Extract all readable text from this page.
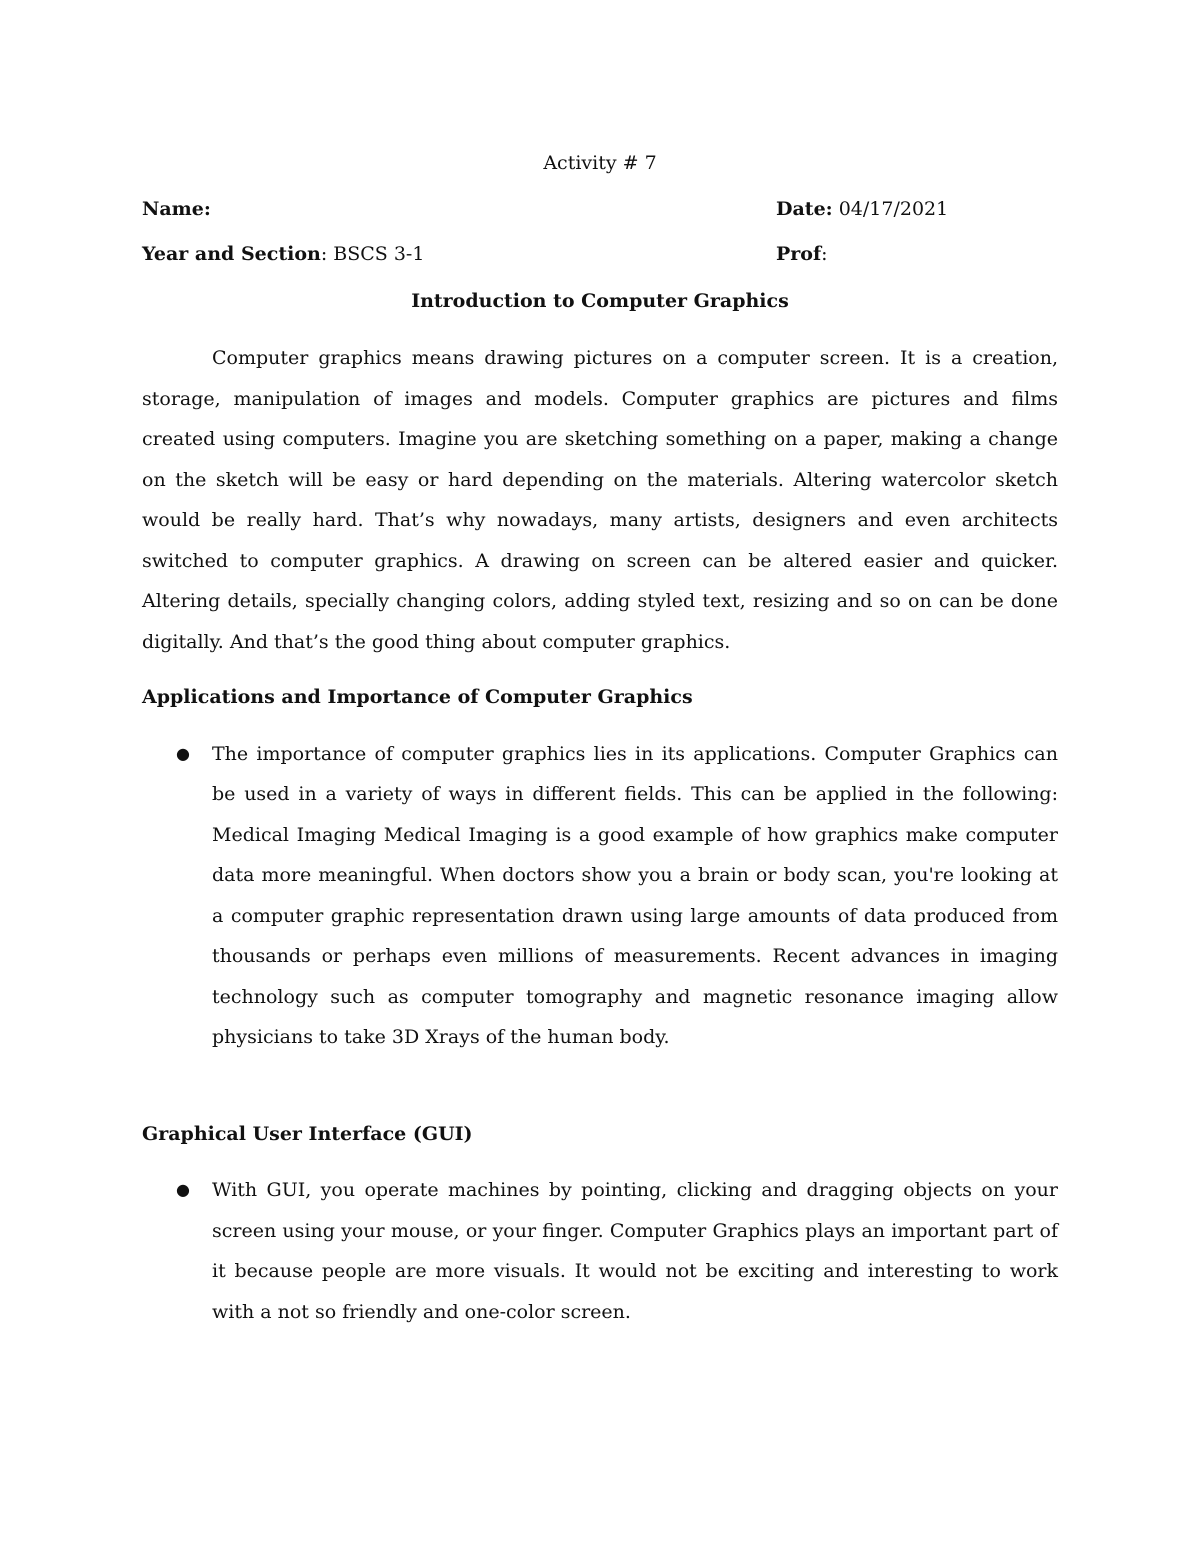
Activity # 7

Name:	Date: 04/17/2021
Year and Section: BSCS 3-1	Prof:

Introduction to Computer Graphics

Computer graphics means drawing pictures on a computer screen. It is a creation, storage, manipulation of images and models. Computer graphics are pictures and films created using computers. Imagine you are sketching something on a paper, making a change on the sketch will be easy or hard depending on the materials. Altering watercolor sketch would be really hard. That’s why nowadays, many artists, designers and even architects switched to computer graphics. A drawing on screen can be altered easier and quicker. Altering details, specially changing colors, adding styled text, resizing and so on can be done digitally. And that’s the good thing about computer graphics.

Applications and Importance of Computer Graphics

● The importance of computer graphics lies in its applications. Computer Graphics can be used in a variety of ways in different fields. This can be applied in the following: Medical Imaging Medical Imaging is a good example of how graphics make computer data more meaningful. When doctors show you a brain or body scan, you're looking at a computer graphic representation drawn using large amounts of data produced from thousands or perhaps even millions of measurements. Recent advances in imaging technology such as computer tomography and magnetic resonance imaging allow physicians to take 3D Xrays of the human body.

Graphical User Interface (GUI)

● With GUI, you operate machines by pointing, clicking and dragging objects on your screen using your mouse, or your finger. Computer Graphics plays an important part of it because people are more visuals. It would not be exciting and interesting to work with a not so friendly and one-color screen.
